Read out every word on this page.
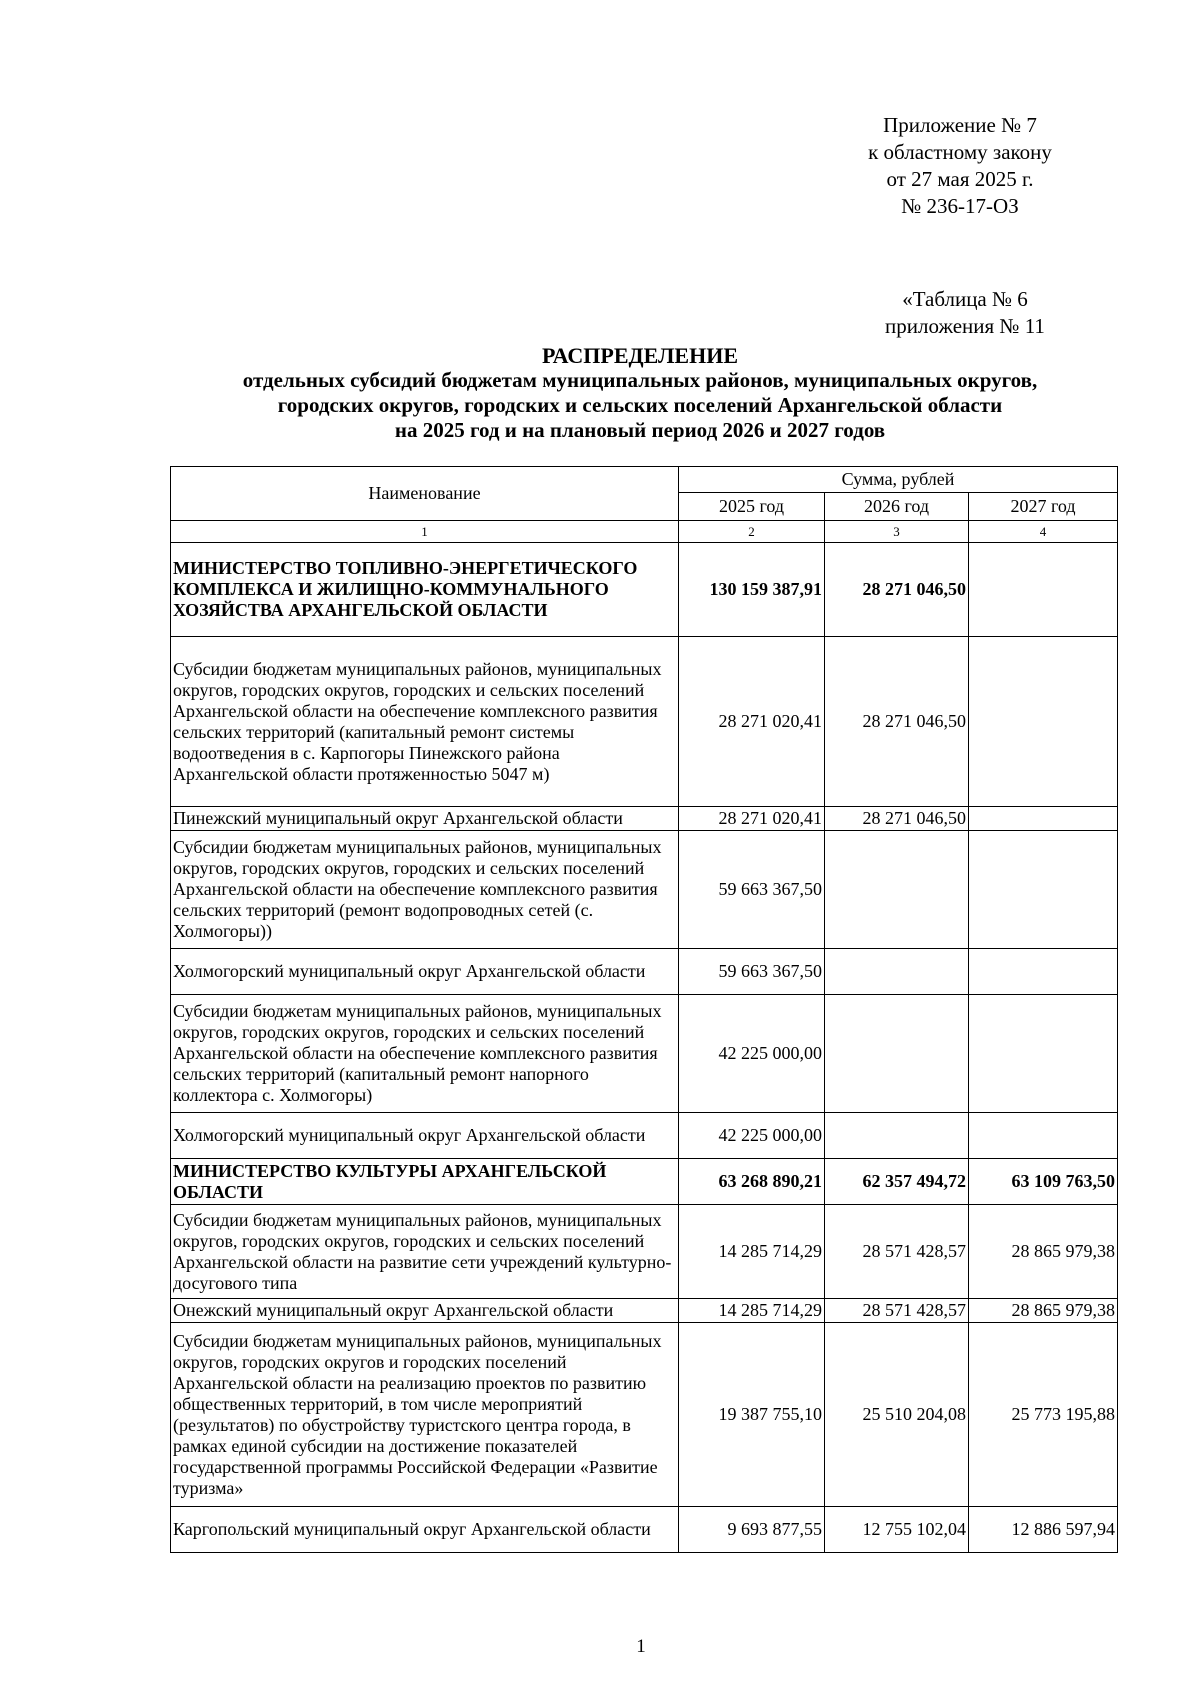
Приложение № 7
к областному закону
от 27 мая 2025 г.
№ 236-17-ОЗ
«Таблица № 6
приложения № 11
РАСПРЕДЕЛЕНИЕ
отдельных субсидий бюджетам муниципальных районов, муниципальных округов,
городских округов, городских и сельских поселений Архангельской области
на 2025 год и на плановый период 2026 и 2027 годов
Наименование	Сумма, рублей		
	2025 год	2026 год	2027 год
1	2	3	4
МИНИСТЕРСТВО ТОПЛИВНО-ЭНЕРГЕТИЧЕСКОГО КОМПЛЕКСА И ЖИЛИЩНО-КОММУНАЛЬНОГО ХОЗЯЙСТВА АРХАНГЕЛЬСКОЙ ОБЛАСТИ	130 159 387,91	28 271 046,50	
Субсидии бюджетам муниципальных районов, муниципальных округов, городских округов, городских и сельских поселений Архангельской области на обеспечение комплексного развития сельских территорий (капитальный ремонт системы водоотведения в с. Карпогоры Пинежского района Архангельской области протяженностью 5047 м)	28 271 020,41	28 271 046,50	
Пинежский муниципальный округ Архангельской области	28 271 020,41	28 271 046,50	
Субсидии бюджетам муниципальных районов, муниципальных округов, городских округов, городских и сельских поселений Архангельской области на обеспечение комплексного развития сельских территорий (ремонт водопроводных сетей (с. Холмогоры))	59 663 367,50		
Холмогорский муниципальный округ Архангельской области	59 663 367,50		
Субсидии бюджетам муниципальных районов, муниципальных округов, городских округов, городских и сельских поселений Архангельской области на обеспечение комплексного развития сельских территорий (капитальный ремонт напорного коллектора с. Холмогоры)	42 225 000,00		
Холмогорский муниципальный округ Архангельской области	42 225 000,00		
МИНИСТЕРСТВО КУЛЬТУРЫ АРХАНГЕЛЬСКОЙ ОБЛАСТИ	63 268 890,21	62 357 494,72	63 109 763,50
Субсидии бюджетам муниципальных районов, муниципальных округов, городских округов, городских и сельских поселений Архангельской области на развитие сети учреждений культурно-досугового типа	14 285 714,29	28 571 428,57	28 865 979,38
Онежский муниципальный округ Архангельской области	14 285 714,29	28 571 428,57	28 865 979,38
Субсидии бюджетам муниципальных районов, муниципальных округов, городских округов и городских поселений Архангельской области на реализацию проектов по развитию общественных территорий, в том числе мероприятий (результатов) по обустройству туристского центра города, в рамках единой субсидии на достижение показателей государственной программы Российской Федерации «Развитие туризма»	19 387 755,10	25 510 204,08	25 773 195,88
Каргопольский муниципальный округ Архангельской области	9 693 877,55	12 755 102,04	12 886 597,94
1
